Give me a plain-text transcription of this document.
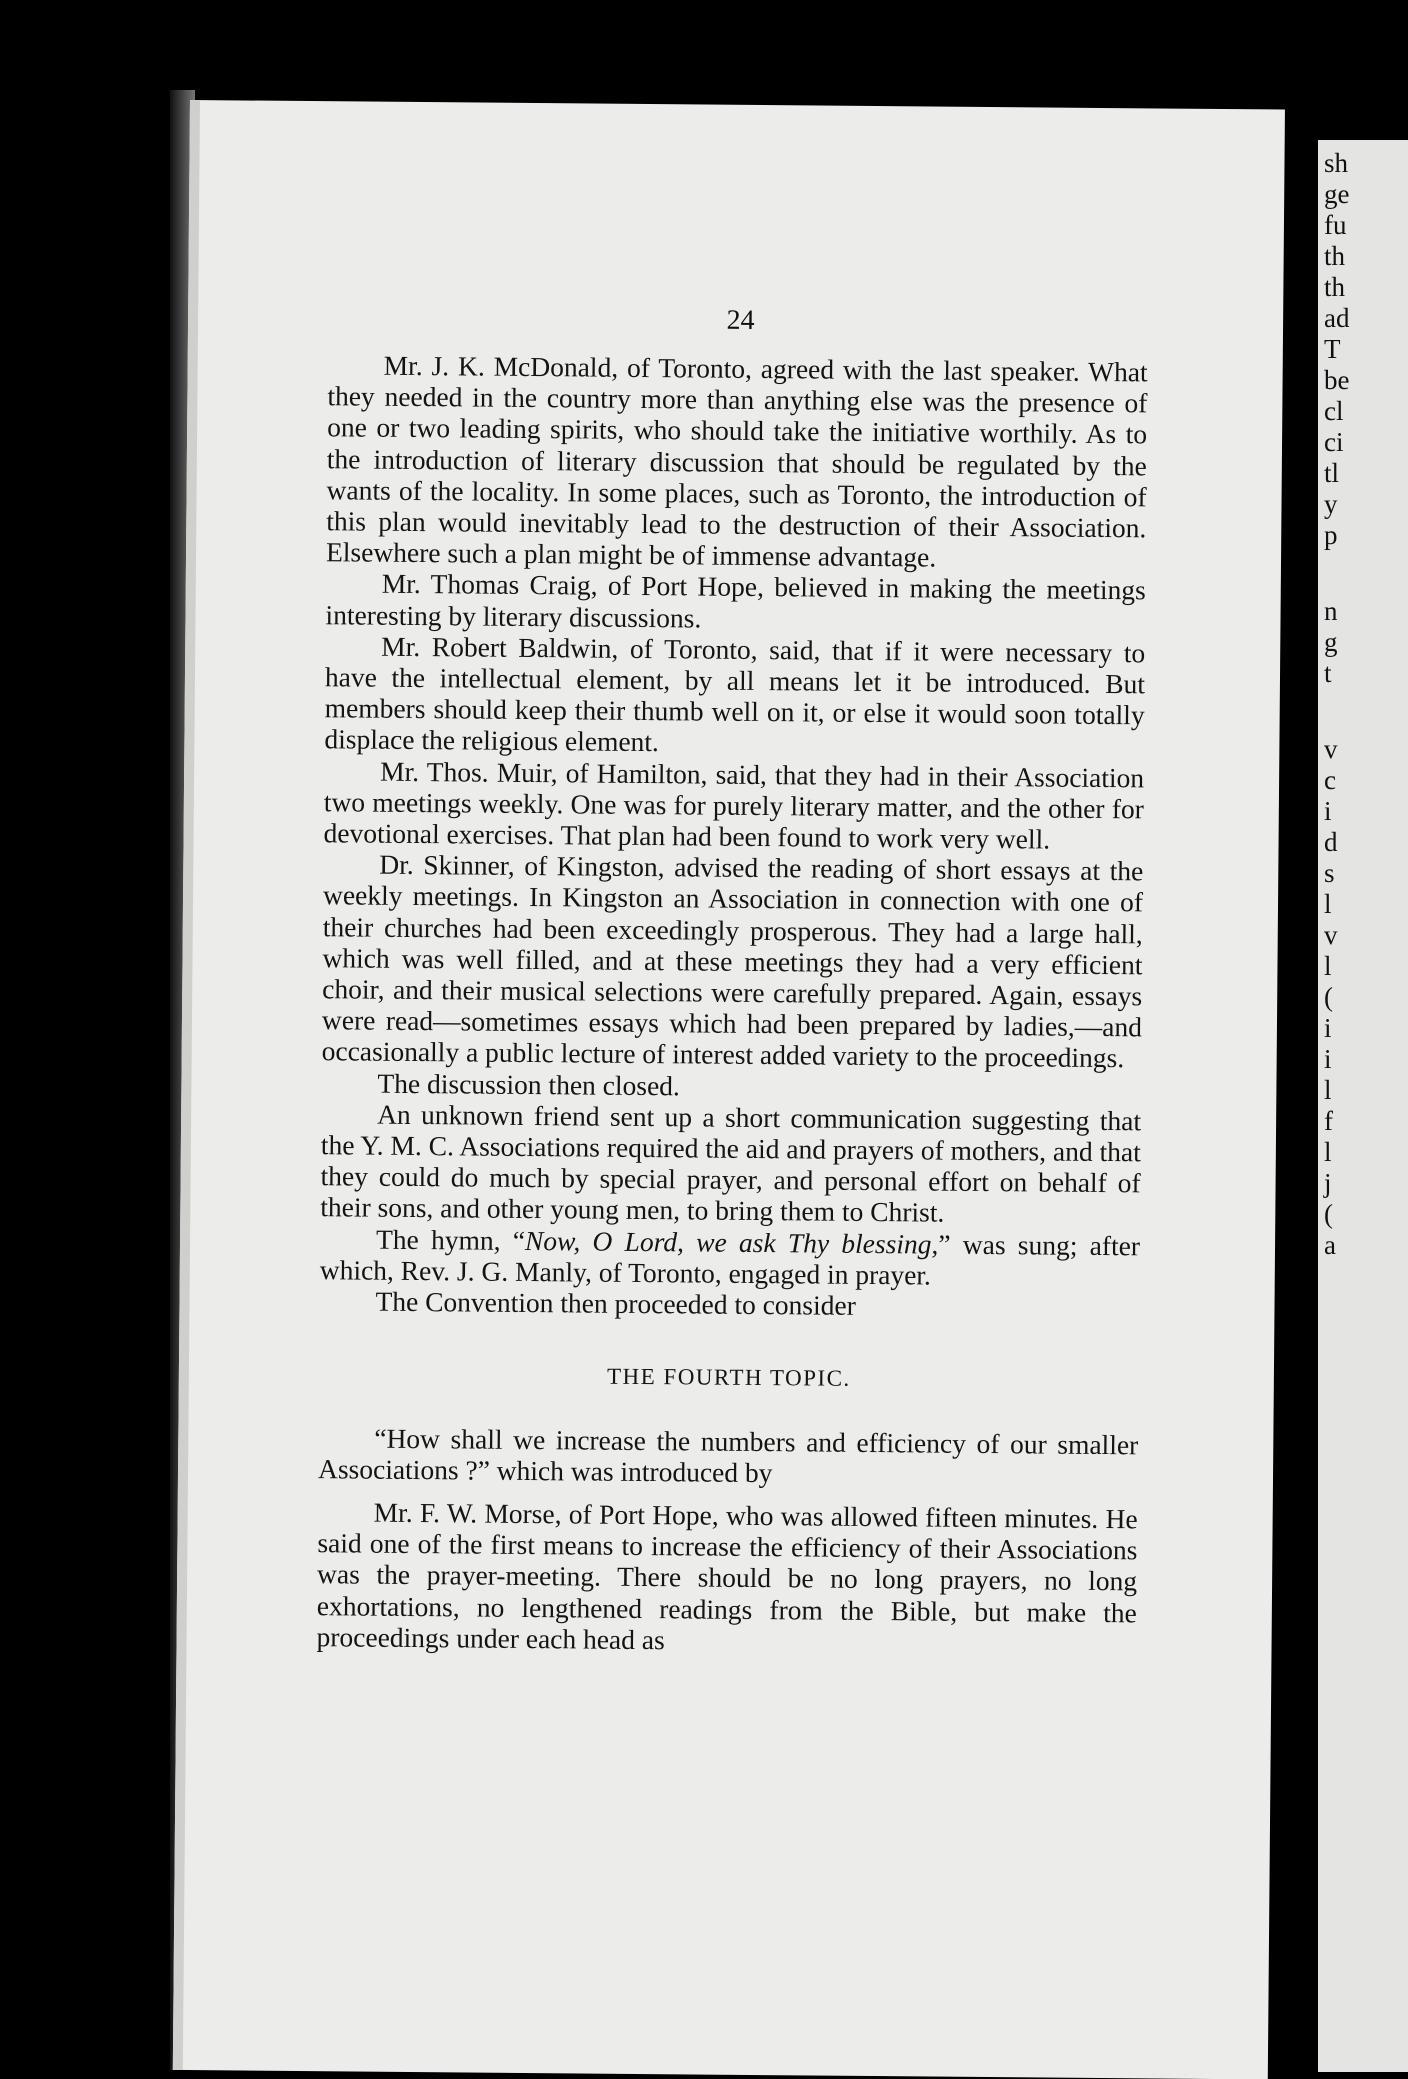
24

Mr. J. K. McDonald, of Toronto, agreed with the last speaker. What they needed in the country more than anything else was the presence of one or two leading spirits, who should take the initiative worthily. As to the introduction of literary discussion that should be regulated by the wants of the locality. In some places, such as Toronto, the introduction of this plan would inevitably lead to the destruction of their Association. Elsewhere such a plan might be of immense advantage.

Mr. Thomas Craig, of Port Hope, believed in making the meetings interesting by literary discussions.

Mr. Robert Baldwin, of Toronto, said, that if it were necessary to have the intellectual element, by all means let it be introduced. But members should keep their thumb well on it, or else it would soon totally displace the religious element.

Mr. Thos. Muir, of Hamilton, said, that they had in their Association two meetings weekly. One was for purely literary matter, and the other for devotional exercises. That plan had been found to work very well.

Dr. Skinner, of Kingston, advised the reading of short essays at the weekly meetings. In Kingston an Association in connection with one of their churches had been exceedingly prosperous. They had a large hall, which was well filled, and at these meetings they had a very efficient choir, and their musical selections were carefully prepared. Again, essays were read—sometimes essays which had been prepared by ladies,—and occasionally a public lecture of interest added variety to the proceedings.

The discussion then closed.

An unknown friend sent up a short communication suggesting that the Y. M. C. Associations required the aid and prayers of mothers, and that they could do much by special prayer, and personal effort on behalf of their sons, and other young men, to bring them to Christ.

The hymn, “Now, O Lord, we ask Thy blessing,” was sung; after which, Rev. J. G. Manly, of Toronto, engaged in prayer.

The Convention then proceeded to consider

THE FOURTH TOPIC.

“How shall we increase the numbers and efficiency of our smaller Associations ?” which was introduced by

Mr. F. W. Morse, of Port Hope, who was allowed fifteen minutes. He said one of the first means to increase the efficiency of their Associations was the prayer-meeting. There should be no long prayers, no long exhortations, no lengthened readings from the Bible, but make the proceedings under each head as

sh
ge
fu
th
th
ad
T
be
cl
ci
tl
y
p
n
g
t
v
c
i
d
s
l
v
l
(
i
i
l
f
l
j
(
a
